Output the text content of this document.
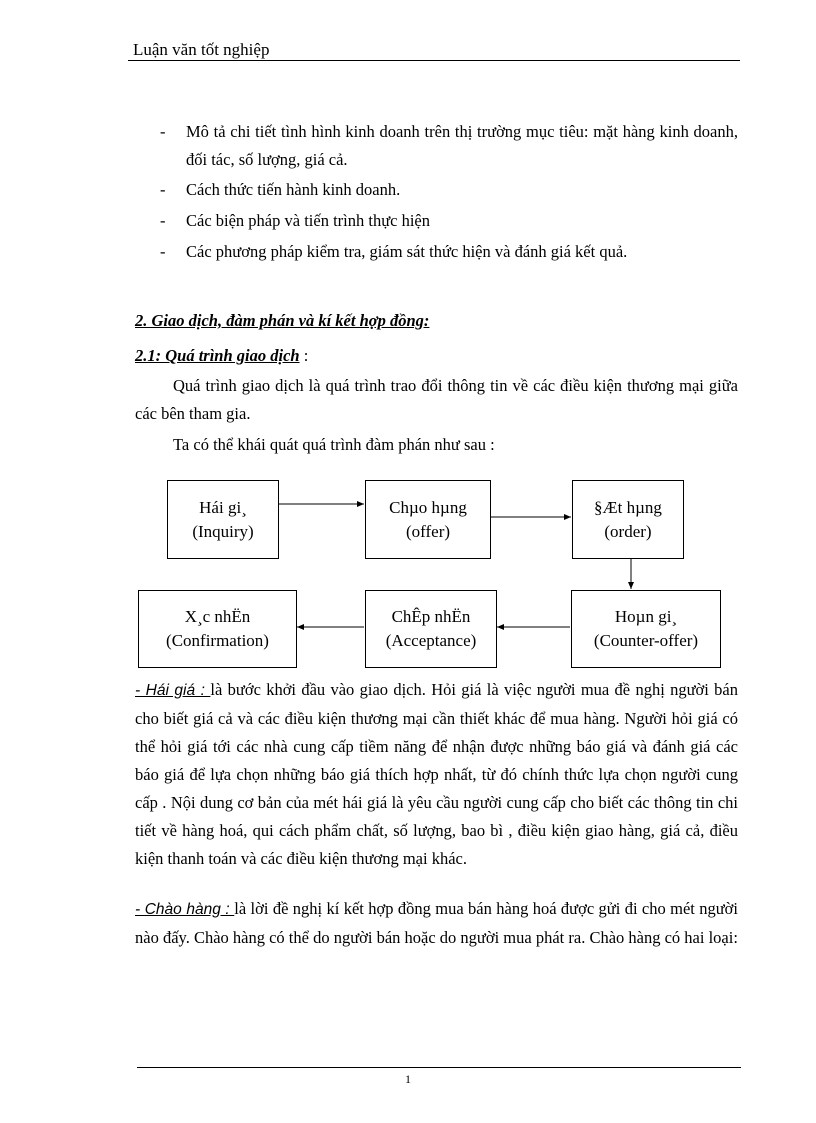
Luận văn tốt nghiệp
- Mô tả chi tiết tình hình kinh doanh trên thị trường mục tiêu: mặt hàng kinh doanh, đối tác, số lượng, giá cả.
- Cách thức tiến hành kinh doanh.
- Các biện pháp và tiến trình thực hiện
- Các phương pháp kiểm tra, giám sát thức hiện và đánh giá kết quả.
2. Giao dịch, đàm phán và kí kết hợp đồng:
2.1: Quá trình giao dịch :
Quá trình giao dịch là quá trình trao đổi thông tin về các điều kiện thương mại giữa các bên tham gia.
Ta có thể khái quát quá trình đàm phán như sau :
Hái gi¸
(Inquiry)
Chµo hµng
(offer)
§Æt hµng
(order)
Hoµn gi¸
(Counter-offer)
ChÊp nhËn
(Acceptance)
X¸c nhËn
(Confirmation)
- Hái giá : là bước khởi đầu vào giao dịch. Hỏi giá là việc người mua đề nghị người bán cho biết giá cả và các điều kiện thương mại cần thiết khác để mua hàng. Người hỏi giá có thể hỏi giá tới các nhà cung cấp tiềm năng để nhận được những báo giá và đánh giá các báo giá để lựa chọn những báo giá thích hợp nhất, từ đó chính thức lựa chọn người cung cấp . Nội dung cơ bản của mét hái giá là yêu cầu người cung cấp cho biết các thông tin chi tiết về hàng hoá, qui cách phẩm chất, số lượng, bao bì , điều kiện giao hàng, giá cả, điều kiện thanh toán và các điều kiện thương mại khác.
- Chào hàng : là lời đề nghị kí kết hợp đồng mua bán hàng hoá được gửi đi cho mét người nào đấy. Chào hàng có thể do người bán hoặc do người mua phát ra. Chào hàng có hai loại:
1
